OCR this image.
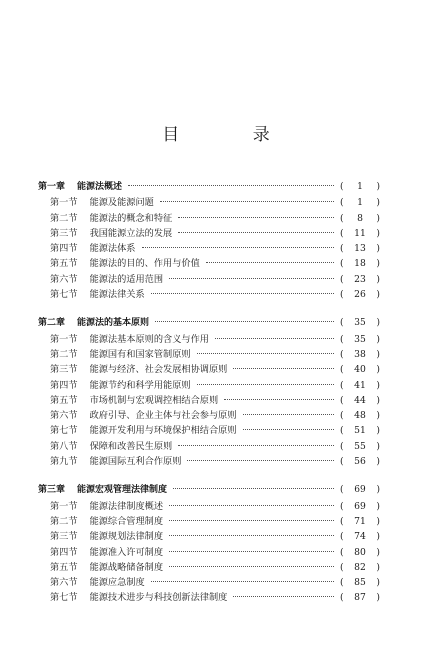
目 录
第一章 能源法概述	(	1	)
第一节 能源及能源问题	(	1	)
第二节 能源法的概念和特征	(	8	)
第三节 我国能源立法的发展	(	11	)
第四节 能源法体系	(	13	)
第五节 能源法的目的、作用与价值	(	18	)
第六节 能源法的适用范围	(	23	)
第七节 能源法律关系	(	26	)
第二章 能源法的基本原则	(	35	)
第一节 能源法基本原则的含义与作用	(	35	)
第二节 能源国有和国家管制原则	(	38	)
第三节 能源与经济、社会发展相协调原则	(	40	)
第四节 能源节约和科学用能原则	(	41	)
第五节 市场机制与宏观调控相结合原则	(	44	)
第六节 政府引导、企业主体与社会参与原则	(	48	)
第七节 能源开发利用与环境保护相结合原则	(	51	)
第八节 保障和改善民生原则	(	55	)
第九节 能源国际互利合作原则	(	56	)
第三章 能源宏观管理法律制度	(	69	)
第一节 能源法律制度概述	(	69	)
第二节 能源综合管理制度	(	71	)
第三节 能源规划法律制度	(	74	)
第四节 能源准入许可制度	(	80	)
第五节 能源战略储备制度	(	82	)
第六节 能源应急制度	(	85	)
第七节 能源技术进步与科技创新法律制度	(	87	)
